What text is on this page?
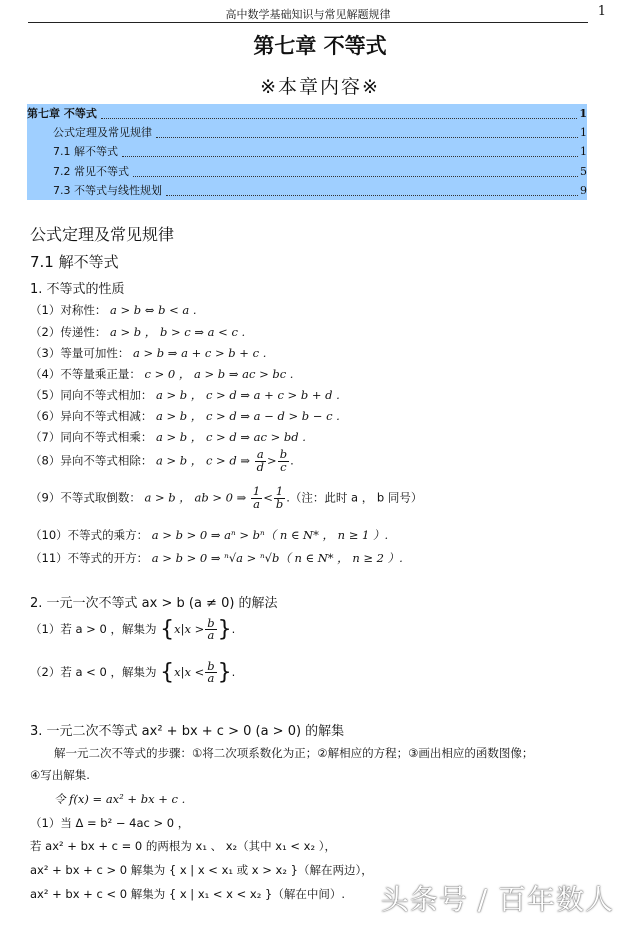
高中数学基础知识与常见解题规律	1
第七章 不等式
※本章内容※
第七章 不等式	1
公式定理及常见规律	1
7.1 解不等式	1
7.2 常见不等式	5
7.3 不等式与线性规划	9
公式定理及常见规律
7.1 解不等式
1. 不等式的性质
（1）对称性： a > b ⇔ b < a .
（2）传递性： a > b ， b > c ⇒ a < c .
（3）等量可加性： a > b ⇒ a + c > b + c .
（4）不等量乘正量： c > 0 ， a > b ⇒ ac > bc .
（5）同向不等式相加： a > b ， c > d ⇒ a + c > b + d .
（6）异向不等式相减： a > b ， c > d ⇒ a − d > b − c .
（7）同向不等式相乘： a > b ， c > d ⇒ ac > bd .
（8）异向不等式相除： a > b ， c > d ⇒ $\frac{a}{d} > \frac{b}{c}$ .
（9）不等式取倒数： a > b ， ab > 0 ⇒ $\frac{1}{a} < \frac{1}{b}$ .（注：此时 a ， b 同号）
（10）不等式的乘方： a > b > 0 ⇒ aⁿ > bⁿ（ n ∈ N* ， n ≥ 1 ）.
（11）不等式的开方： a > b > 0 ⇒ ⁿ√a > ⁿ√b（ n ∈ N* ， n ≥ 2 ）.
2. 一元一次不等式 ax > b (a ≠ 0) 的解法
（1）若 a > 0 ，解集为 {$x|x > \frac{b}{a}$ }.
（2）若 a < 0 ，解集为 {$x|x < \frac{b}{a}$ }.
3. 一元二次不等式 ax² + bx + c > 0 (a > 0) 的解集
解一元二次不等式的步骤：①将二次项系数化为正；②解相应的方程；③画出相应的函数图像；
④写出解集.
令 f(x) = ax² + bx + c .
（1）当 Δ = b² − 4ac > 0 ，
若 ax² + bx + c = 0 的两根为 x₁ 、 x₂（其中 x₁ < x₂ ），
ax² + bx + c > 0 解集为 { x | x < x₁ 或 x > x₂ }（解在两边），
ax² + bx + c < 0 解集为 { x | x₁ < x < x₂ }（解在中间）. 头条号 / 百年数人
